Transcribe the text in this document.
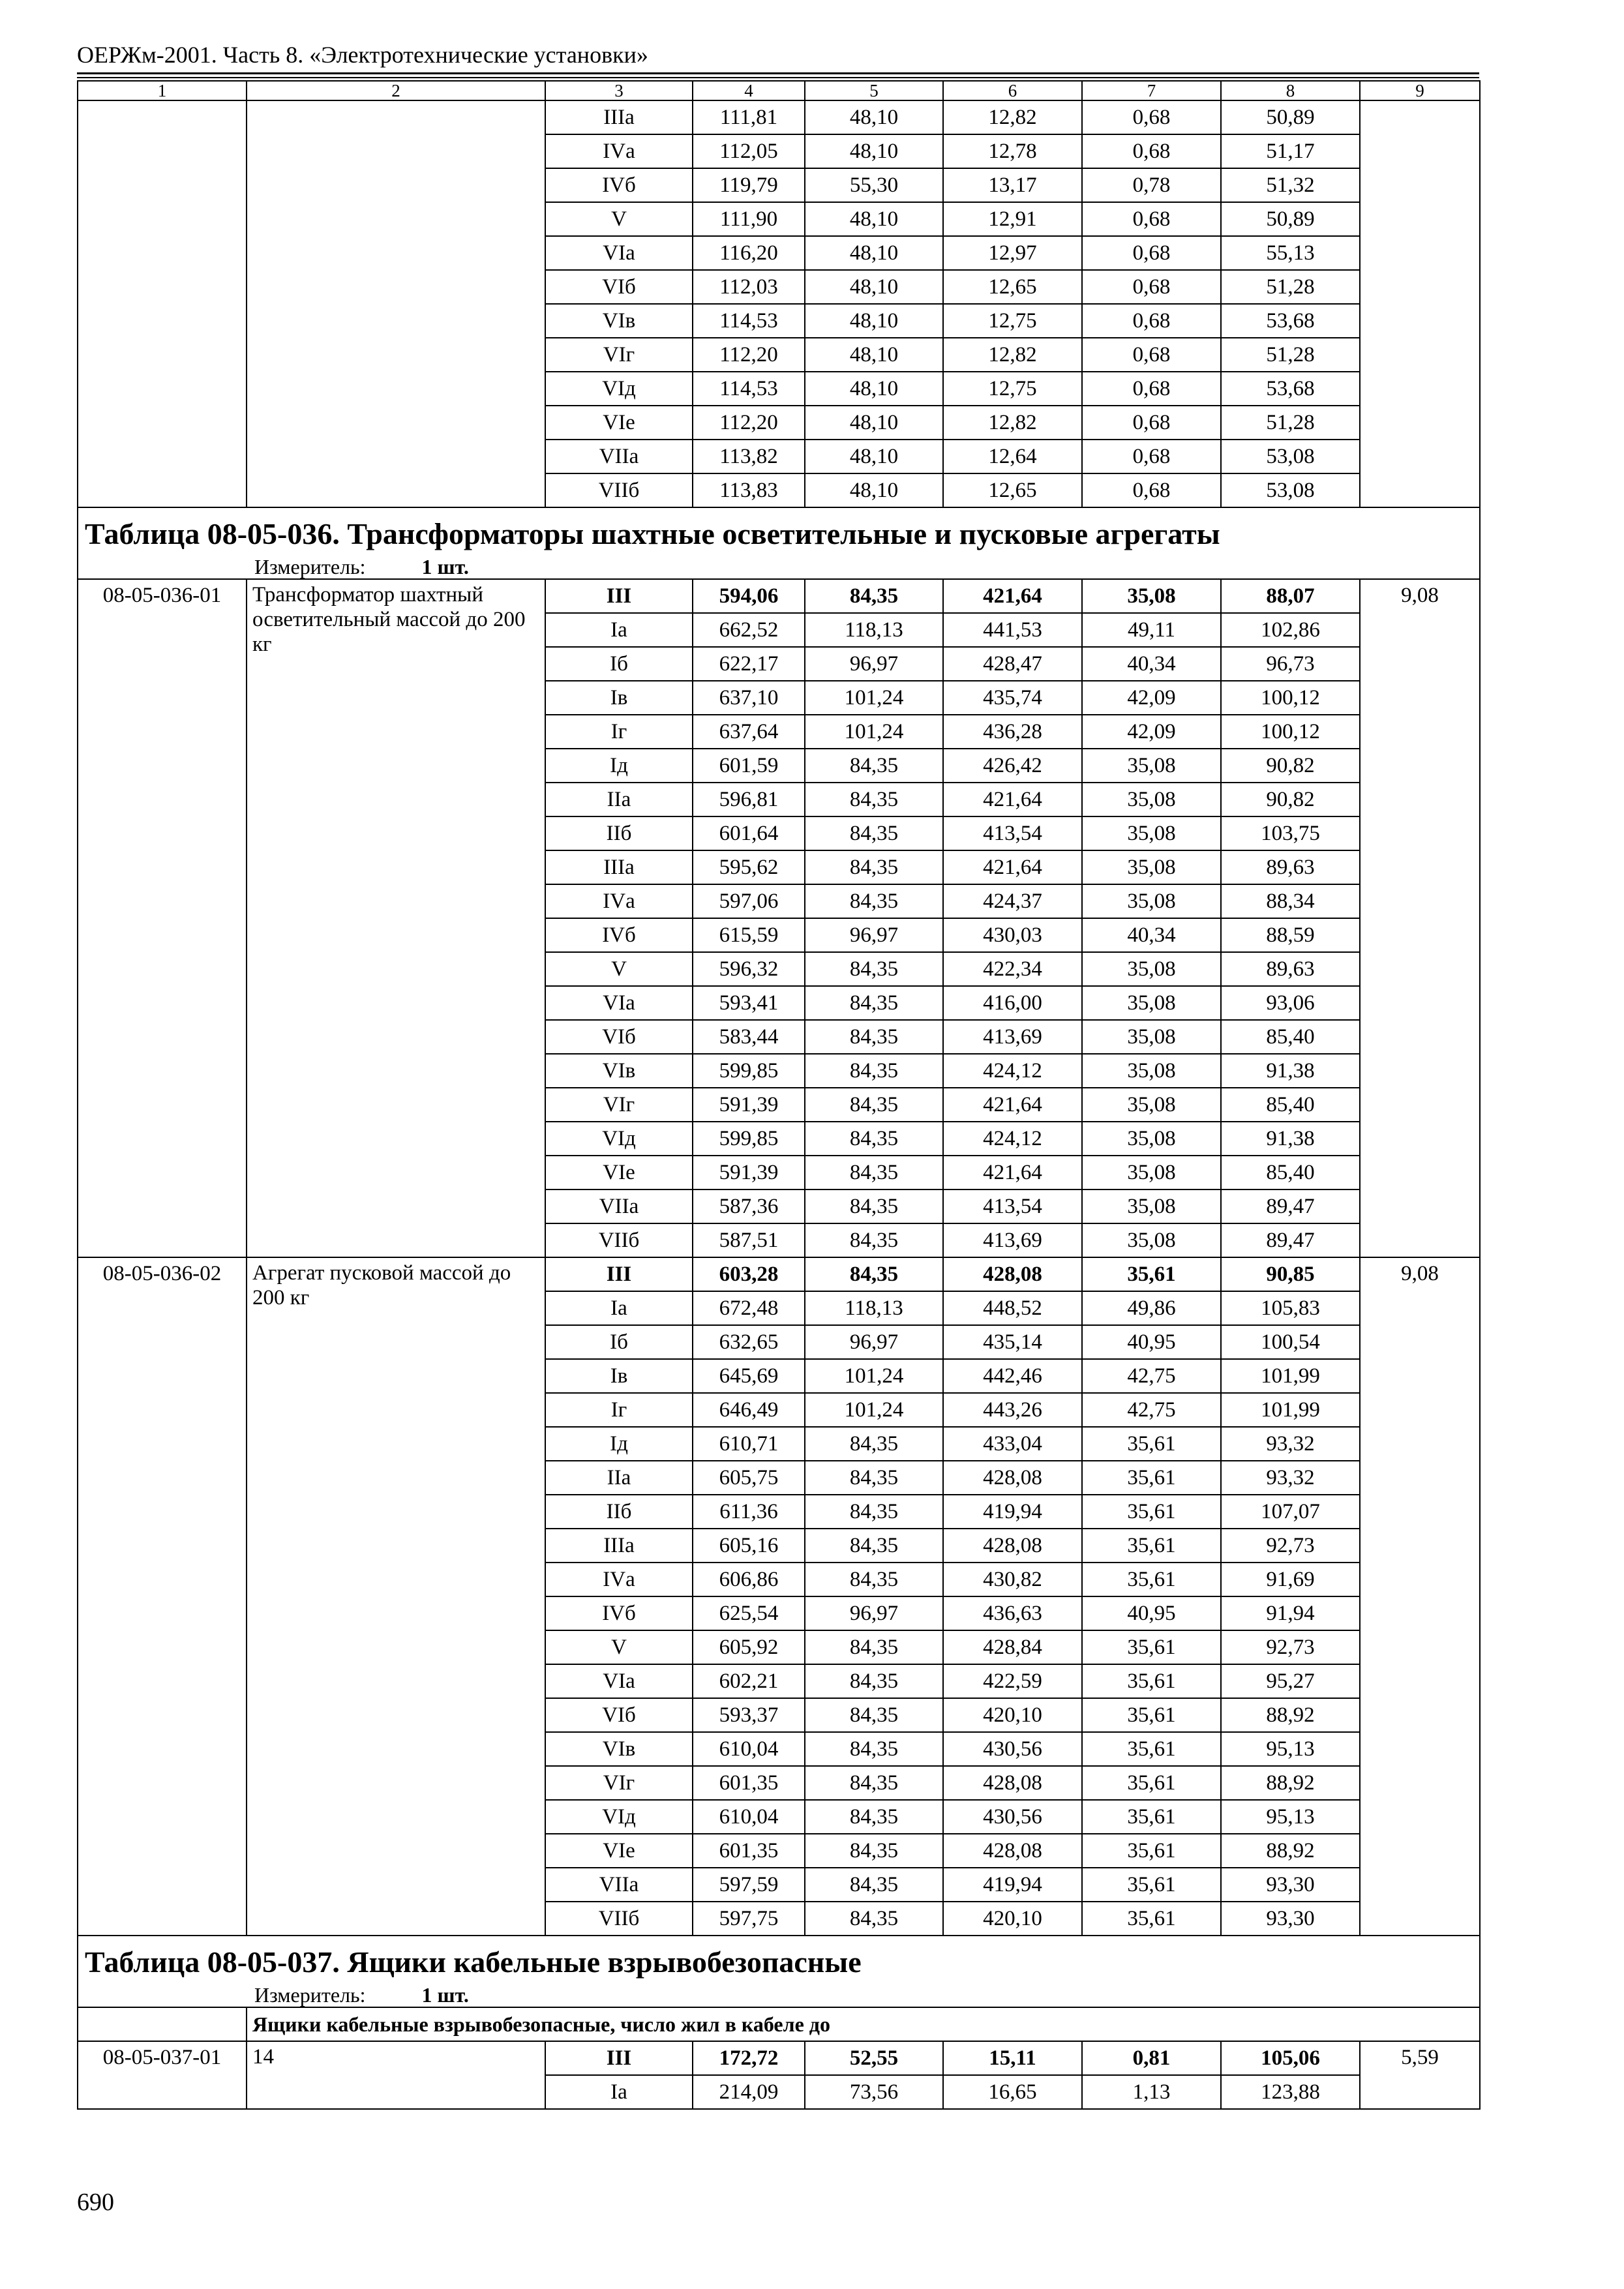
ОЕРЖм-2001. Часть 8. «Электротехнические установки»
1	2	3	4	5	6	7	8	9
		IIIа	111,81	48,10	12,82	0,68	50,89	
		IVа	112,05	48,10	12,78	0,68	51,17	
		IVб	119,79	55,30	13,17	0,78	51,32	
		V	111,90	48,10	12,91	0,68	50,89	
		VIа	116,20	48,10	12,97	0,68	55,13	
		VIб	112,03	48,10	12,65	0,68	51,28	
		VIв	114,53	48,10	12,75	0,68	53,68	
		VIг	112,20	48,10	12,82	0,68	51,28	
		VIд	114,53	48,10	12,75	0,68	53,68	
		VIе	112,20	48,10	12,82	0,68	51,28	
		VIIа	113,82	48,10	12,64	0,68	53,08	
		VIIб	113,83	48,10	12,65	0,68	53,08	
Таблица 08-05-036. Трансформаторы шахтные осветительные и пусковые агрегаты								
Измеритель: 1 шт.								
08-05-036-01	Трансформатор шахтный осветительный массой до 200 кг	III	594,06	84,35	421,64	35,08	88,07	9,08
		Iа	662,52	118,13	441,53	49,11	102,86	
		Iб	622,17	96,97	428,47	40,34	96,73	
		Iв	637,10	101,24	435,74	42,09	100,12	
		Iг	637,64	101,24	436,28	42,09	100,12	
		Iд	601,59	84,35	426,42	35,08	90,82	
		IIа	596,81	84,35	421,64	35,08	90,82	
		IIб	601,64	84,35	413,54	35,08	103,75	
		IIIа	595,62	84,35	421,64	35,08	89,63	
		IVа	597,06	84,35	424,37	35,08	88,34	
		IVб	615,59	96,97	430,03	40,34	88,59	
		V	596,32	84,35	422,34	35,08	89,63	
		VIа	593,41	84,35	416,00	35,08	93,06	
		VIб	583,44	84,35	413,69	35,08	85,40	
		VIв	599,85	84,35	424,12	35,08	91,38	
		VIг	591,39	84,35	421,64	35,08	85,40	
		VIд	599,85	84,35	424,12	35,08	91,38	
		VIе	591,39	84,35	421,64	35,08	85,40	
		VIIа	587,36	84,35	413,54	35,08	89,47	
		VIIб	587,51	84,35	413,69	35,08	89,47	
08-05-036-02	Агрегат пусковой массой до 200 кг	III	603,28	84,35	428,08	35,61	90,85	9,08
		Iа	672,48	118,13	448,52	49,86	105,83	
		Iб	632,65	96,97	435,14	40,95	100,54	
		Iв	645,69	101,24	442,46	42,75	101,99	
		Iг	646,49	101,24	443,26	42,75	101,99	
		Iд	610,71	84,35	433,04	35,61	93,32	
		IIа	605,75	84,35	428,08	35,61	93,32	
		IIб	611,36	84,35	419,94	35,61	107,07	
		IIIа	605,16	84,35	428,08	35,61	92,73	
		IVа	606,86	84,35	430,82	35,61	91,69	
		IVб	625,54	96,97	436,63	40,95	91,94	
		V	605,92	84,35	428,84	35,61	92,73	
		VIа	602,21	84,35	422,59	35,61	95,27	
		VIб	593,37	84,35	420,10	35,61	88,92	
		VIв	610,04	84,35	430,56	35,61	95,13	
		VIг	601,35	84,35	428,08	35,61	88,92	
		VIд	610,04	84,35	430,56	35,61	95,13	
		VIе	601,35	84,35	428,08	35,61	88,92	
		VIIа	597,59	84,35	419,94	35,61	93,30	
		VIIб	597,75	84,35	420,10	35,61	93,30	
Таблица 08-05-037. Ящики кабельные взрывобезопасные								
Измеритель: 1 шт.								
	Ящики кабельные взрывобезопасные, число жил в кабеле до							
08-05-037-01	14	III	172,72	52,55	15,11	0,81	105,06	5,59
		Iа	214,09	73,56	16,65	1,13	123,88	
690
